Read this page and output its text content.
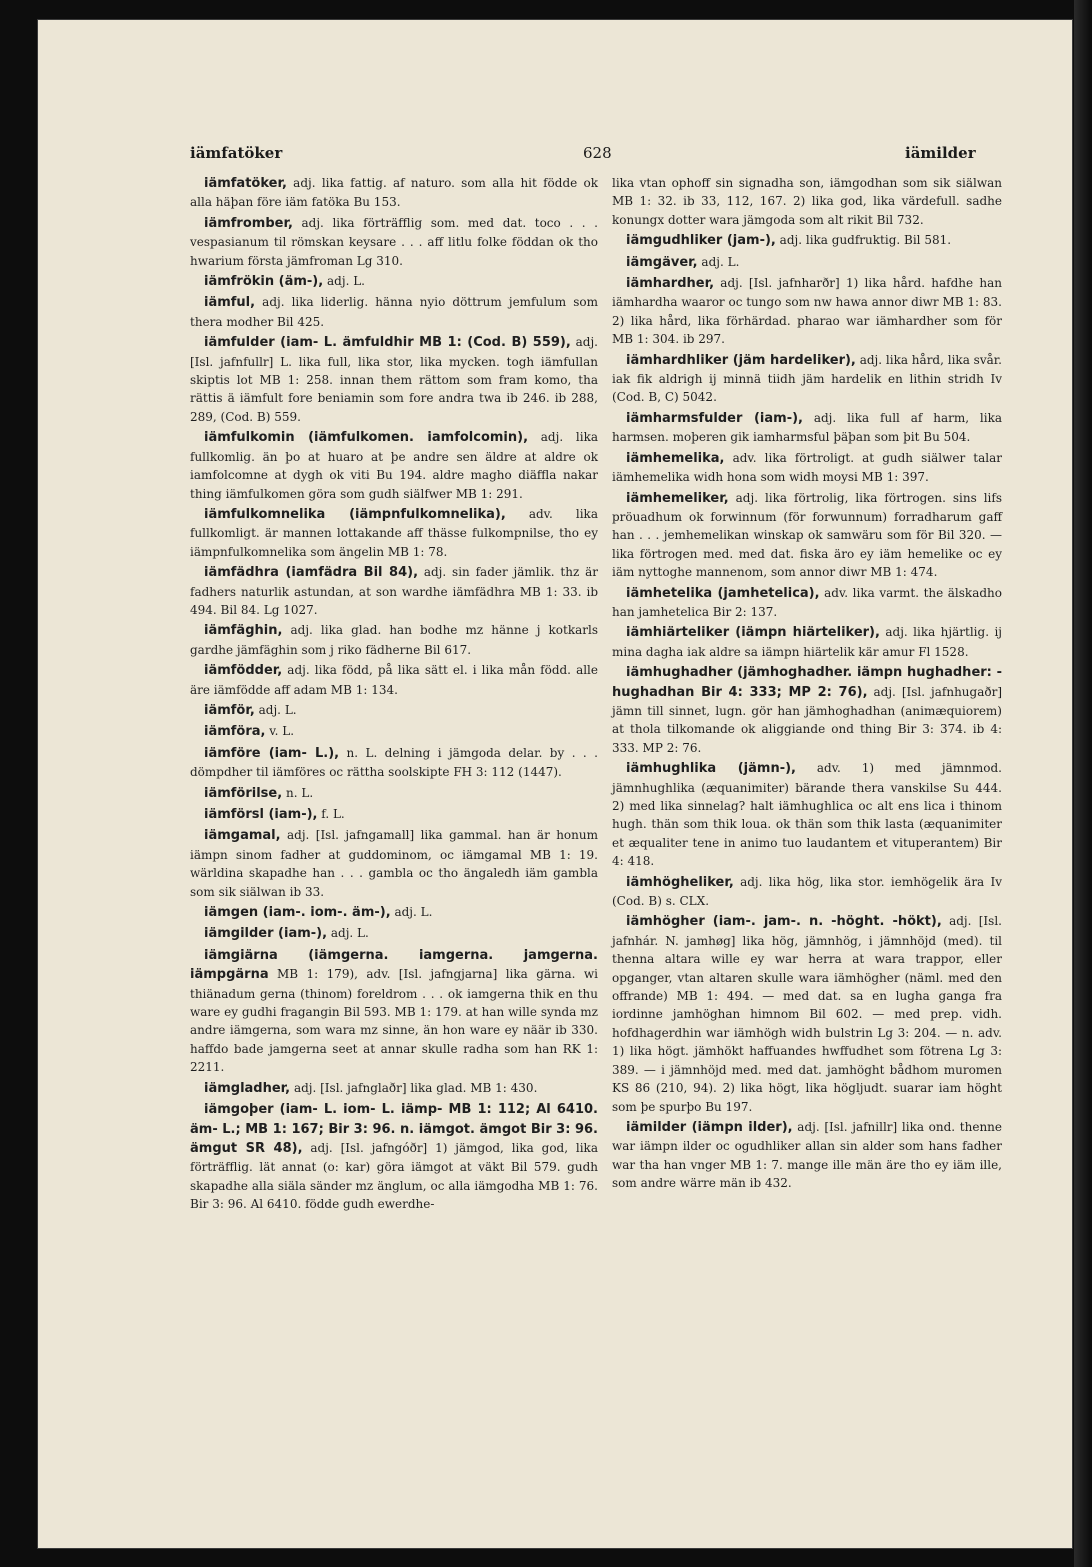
iämfatöker	628	iämilder

iämfatöker, adj. lika fattig. af naturo. som alla hit födde ok alla häþan före iäm fatöka Bu 153.

iämfromber, adj. lika förträfflig som. med dat. toco . . . vespasianum til römskan keysare . . . aff litlu folke föddan ok tho hwarium första jämfroman Lg 310.

iämfrökin (äm-), adj. L.

iämful, adj. lika liderlig. hänna nyio döttrum jemfulum som thera modher Bil 425.

iämfulder (iam- L. ämfuldhir MB 1: (Cod. B) 559), adj. [Isl. jafnfullr] L. lika full, lika stor, lika mycken. togh iämfullan skiptis lot MB 1: 258. innan them rättom som fram komo, tha rättis ä iämfult fore beniamin som fore andra twa ib 246. ib 288, 289, (Cod. B) 559.

iämfulkomin (iämfulkomen. iamfolcomin), adj. lika fullkomlig. än þo at huaro at þe andre sen äldre at aldre ok iamfolcomne at dygh ok viti Bu 194. aldre magho diäffla nakar thing iämfulkomen göra som gudh siälfwer MB 1: 291.

iämfulkomnelika (iämpnfulkomnelika), adv. lika fullkomligt. är mannen lottakande aff thässe fulkompnilse, tho ey iämpnfulkomnelika som ängelin MB 1: 78.

iämfädhra (iamfädra Bil 84), adj. sin fader jämlik. thz är fadhers naturlik astundan, at son wardhe iämfädhra MB 1: 33. ib 494. Bil 84. Lg 1027.

iämfäghin, adj. lika glad. han bodhe mz hänne j kotkarls gardhe jämfäghin som j riko fädherne Bil 617.

iämfödder, adj. lika född, på lika sätt el. i lika mån född. alle äre iämfödde aff adam MB 1: 134.

iämför, adj. L.

iämföra, v. L.

iämföre (iam- L.), n. L. delning i jämgoda delar. by . . . dömpdher til iämföres oc rättha soolskipte FH 3: 112 (1447).

iämförilse, n. L.

iämförsl (iam-), f. L.

iämgamal, adj. [Isl. jafngamall] lika gammal. han är honum iämpn sinom fadher at guddominom, oc iämgamal MB 1: 19. wärldina skapadhe han . . . gambla oc tho ängaledh iäm gambla som sik siälwan ib 33.

iämgen (iam-. iom-. äm-), adj. L.

iämgilder (iam-), adj. L.

iämgiärna (iämgerna. iamgerna. jamgerna. iämpgärna MB 1: 179), adv. [Isl. jafngjarna] lika gärna. wi thiänadum gerna (thinom) foreldrom . . . ok iamgerna thik en thu ware ey gudhi fragangin Bil 593. MB 1: 179. at han wille synda mz andre iämgerna, som wara mz sinne, än hon ware ey näär ib 330. haffdo bade jamgerna seet at annar skulle radha som han RK 1: 2211.

iämgladher, adj. [Isl. jafnglaðr] lika glad. MB 1: 430.

iämgoþer (iam- L. iom- L. iämp- MB 1: 112; Al 6410. äm- L.; MB 1: 167; Bir 3: 96. n. iämgot. ämgot Bir 3: 96. ämgut SR 48), adj. [Isl. jafngóðr] 1) jämgod, lika god, lika förträfflig. lät annat (o: kar) göra iämgot at väkt Bil 579. gudh skapadhe alla siäla sänder mz änglum, oc alla iämgodha MB 1: 76. Bir 3: 96. Al 6410. födde gudh ewerdhe-

lika vtan ophoff sin signadha son, iämgodhan som sik siälwan MB 1: 32. ib 33, 112, 167. 2) lika god, lika värdefull. sadhe konungx dotter wara jämgoda som alt rikit Bil 732.

iämgudhliker (jam-), adj. lika gudfruktig. Bil 581.

iämgäver, adj. L.

iämhardher, adj. [Isl. jafnharðr] 1) lika hård. hafdhe han iämhardha waaror oc tungo som nw hawa annor diwr MB 1: 83. 2) lika hård, lika förhärdad. pharao war iämhardher som för MB 1: 304. ib 297.

iämhardhliker (jäm hardeliker), adj. lika hård, lika svår. iak fik aldrigh ij minnä tiidh jäm hardelik en lithin stridh Iv (Cod. B, C) 5042.

iämharmsfulder (iam-), adj. lika full af harm, lika harmsen. moþeren gik iamharmsful þäþan som þit Bu 504.

iämhemelika, adv. lika förtroligt. at gudh siälwer talar iämhemelika widh hona som widh moysi MB 1: 397.

iämhemeliker, adj. lika förtrolig, lika förtrogen. sins lifs pröuadhum ok forwinnum (för forwunnum) forradharum gaff han . . . jemhemelikan winskap ok samwäru som för Bil 320. — lika förtrogen med. med dat. fiska äro ey iäm hemelike oc ey iäm nyttoghe mannenom, som annor diwr MB 1: 474.

iämhetelika (jamhetelica), adv. lika varmt. the älskadho han jamhetelica Bir 2: 137.

iämhiärteliker (iämpn hiärteliker), adj. lika hjärtlig. ij mina dagha iak aldre sa iämpn hiärtelik kär amur Fl 1528.

iämhughadher (jämhoghadher. iämpn hughadher: -hughadhan Bir 4: 333; MP 2: 76), adj. [Isl. jafnhugaðr] jämn till sinnet, lugn. gör han jämhoghadhan (animæquiorem) at thola tilkomande ok aliggiande ond thing Bir 3: 374. ib 4: 333. MP 2: 76.

iämhughlika (jämn-), adv. 1) med jämnmod. jämnhughlika (æquanimiter) bärande thera vanskilse Su 444. 2) med lika sinnelag? halt iämhughlica oc alt ens lica i thinom hugh. thän som thik loua. ok thän som thik lasta (æquanimiter et æqualiter tene in animo tuo laudantem et vituperantem) Bir 4: 418.

iämhögheliker, adj. lika hög, lika stor. iemhögelik ära Iv (Cod. B) s. CLX.

iämhögher (iam-. jam-. n. -höght. -hökt), adj. [Isl. jafnhár. N. jamhøg] lika hög, jämnhög, i jämnhöjd (med). til thenna altara wille ey war herra at wara trappor, eller opganger, vtan altaren skulle wara iämhögher (näml. med den offrande) MB 1: 494. — med dat. sa en lugha ganga fra iordinne jamhöghan himnom Bil 602. — med prep. vidh. hofdhagerdhin war iämhögh widh bulstrin Lg 3: 204. — n. adv. 1) lika högt. jämhökt haffuandes hwffudhet som fötrena Lg 3: 389. — i jämnhöjd med. med dat. jamhöght bådhom muromen KS 86 (210, 94). 2) lika högt, lika högljudt. suarar iam höght som þe spurþo Bu 197.

iämilder (iämpn ilder), adj. [Isl. jafnillr] lika ond. thenne war iämpn ilder oc ogudhliker allan sin alder som hans fadher war tha han vnger MB 1: 7. mange ille män äre tho ey iäm ille, som andre wärre män ib 432.
